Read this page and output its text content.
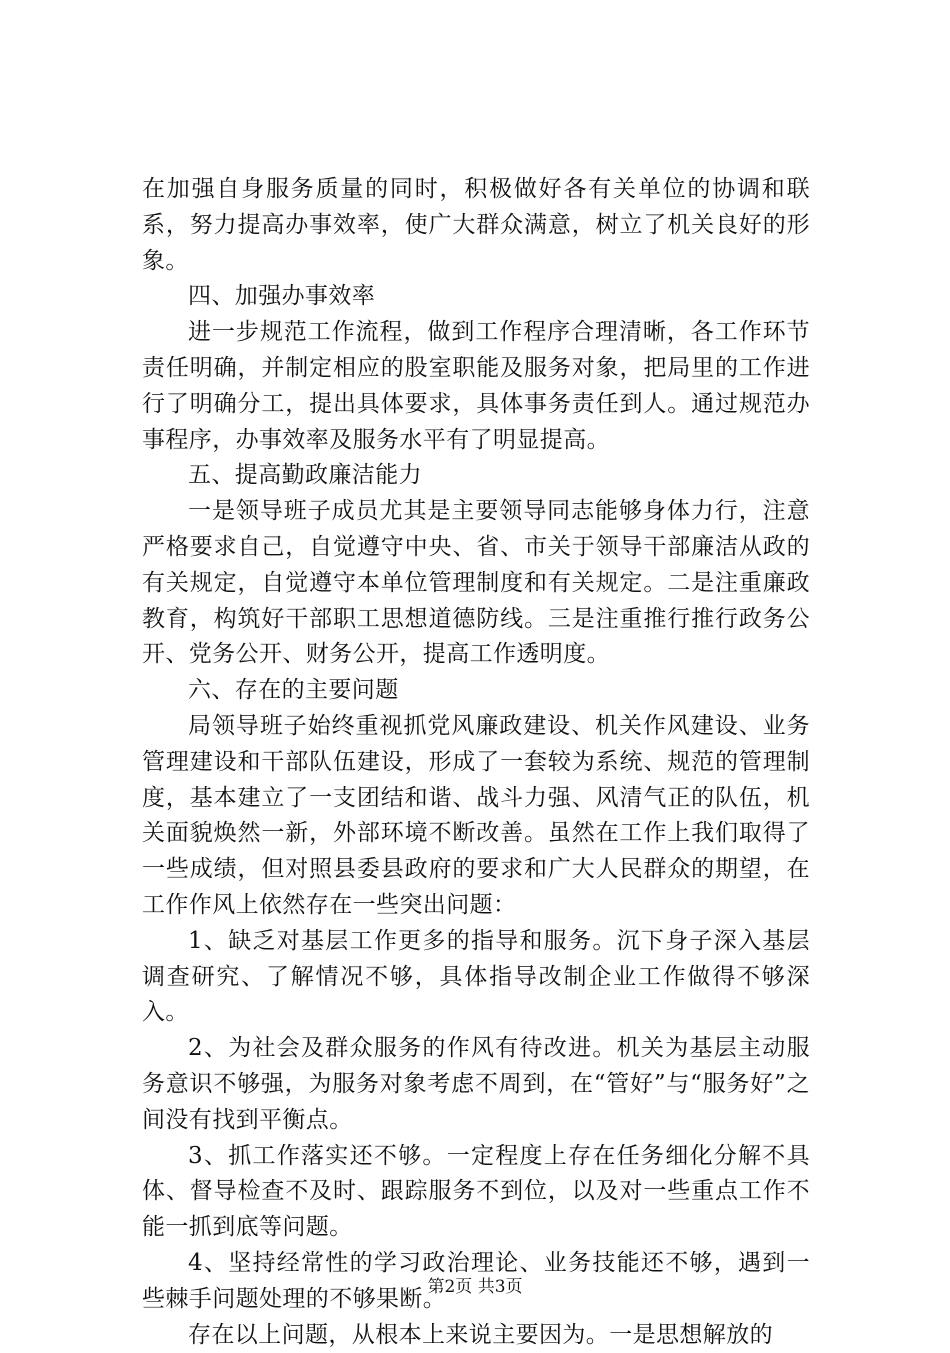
在加强自身服务质量的同时，积极做好各有关单位的协调和联系，努力提高办事效率，使广大群众满意，树立了机关良好的形象。

四、加强办事效率

进一步规范工作流程，做到工作程序合理清晰，各工作环节责任明确，并制定相应的股室职能及服务对象，把局里的工作进行了明确分工，提出具体要求，具体事务责任到人。通过规范办事程序，办事效率及服务水平有了明显提高。

五、提高勤政廉洁能力

一是领导班子成员尤其是主要领导同志能够身体力行，注意严格要求自己，自觉遵守中央、省、市关于领导干部廉洁从政的有关规定，自觉遵守本单位管理制度和有关规定。二是注重廉政教育，构筑好干部职工思想道德防线。三是注重推行推行政务公开、党务公开、财务公开，提高工作透明度。

六、存在的主要问题

局领导班子始终重视抓党风廉政建设、机关作风建设、业务管理建设和干部队伍建设，形成了一套较为系统、规范的管理制度，基本建立了一支团结和谐、战斗力强、风清气正的队伍，机关面貌焕然一新，外部环境不断改善。虽然在工作上我们取得了一些成绩，但对照县委县政府的要求和广大人民群众的期望，在工作作风上依然存在一些突出问题：

1、缺乏对基层工作更多的指导和服务。沉下身子深入基层调查研究、了解情况不够，具体指导改制企业工作做得不够深入。

2、为社会及群众服务的作风有待改进。机关为基层主动服务意识不够强，为服务对象考虑不周到，在“管好”与“服务好”之间没有找到平衡点。

3、抓工作落实还不够。一定程度上存在任务细化分解不具体、督导检查不及时、跟踪服务不到位，以及对一些重点工作不能一抓到底等问题。

4、坚持经常性的学习政治理论、业务技能还不够，遇到一些棘手问题处理的不够果断。

存在以上问题，从根本上来说主要因为。一是思想解放的

第2页 共3页
